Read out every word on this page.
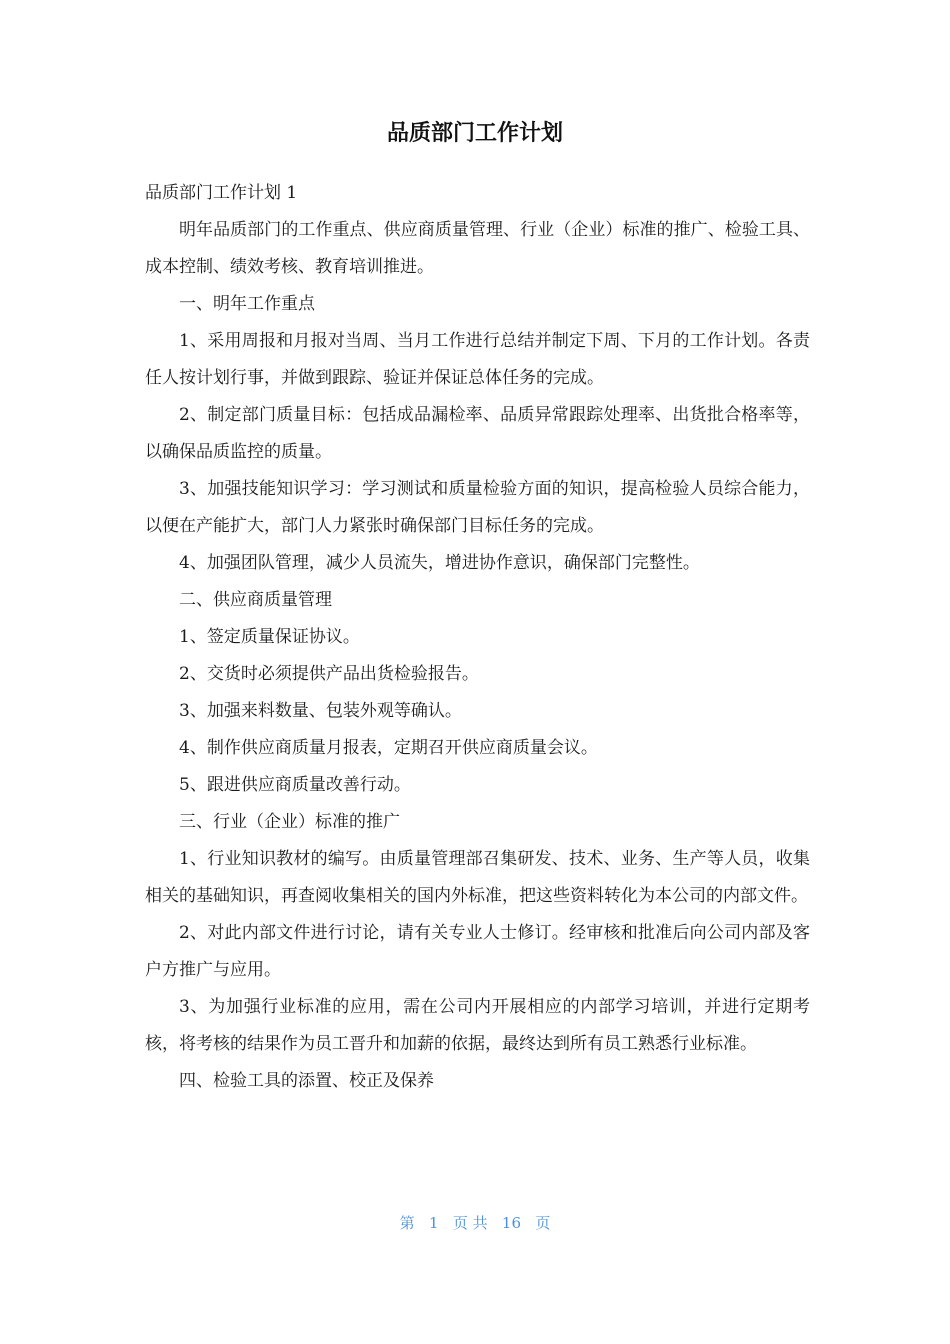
品质部门工作计划

品质部门工作计划 1

明年品质部门的工作重点、供应商质量管理、行业（企业）标准的推广、检验工具、成本控制、绩效考核、教育培训推进。

一、明年工作重点

1、采用周报和月报对当周、当月工作进行总结并制定下周、下月的工作计划。各责任人按计划行事，并做到跟踪、验证并保证总体任务的完成。

2、制定部门质量目标：包括成品漏检率、品质异常跟踪处理率、出货批合格率等，以确保品质监控的质量。

3、加强技能知识学习：学习测试和质量检验方面的知识，提高检验人员综合能力，以便在产能扩大，部门人力紧张时确保部门目标任务的完成。

4、加强团队管理，减少人员流失，增进协作意识，确保部门完整性。

二、供应商质量管理

1、签定质量保证协议。

2、交货时必须提供产品出货检验报告。

3、加强来料数量、包装外观等确认。

4、制作供应商质量月报表，定期召开供应商质量会议。

5、跟进供应商质量改善行动。

三、行业（企业）标准的推广

1、行业知识教材的编写。由质量管理部召集研发、技术、业务、生产等人员，收集相关的基础知识，再查阅收集相关的国内外标准，把这些资料转化为本公司的内部文件。

2、对此内部文件进行讨论，请有关专业人士修订。经审核和批准后向公司内部及客户方推广与应用。

3、为加强行业标准的应用，需在公司内开展相应的内部学习培训，并进行定期考核，将考核的结果作为员工晋升和加薪的依据，最终达到所有员工熟悉行业标准。

四、检验工具的添置、校正及保养

第 1 页 共 16 页
